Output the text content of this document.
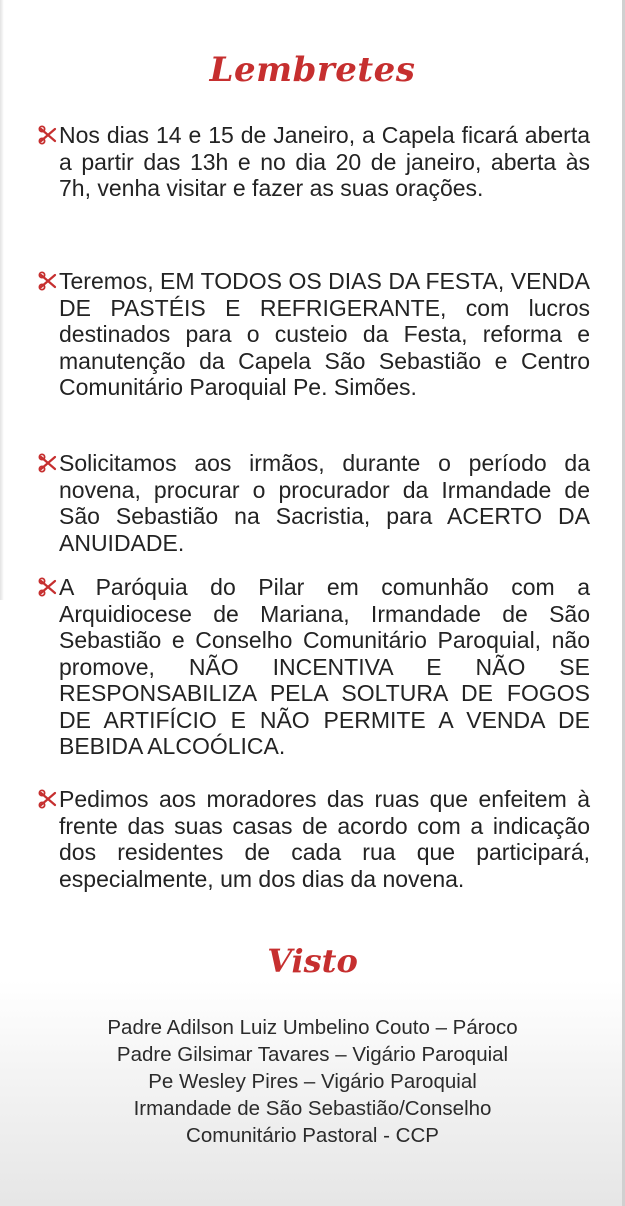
Lembretes
Nos dias 14 e 15 de Janeiro, a Capela ficará aberta a partir das 13h e no dia 20 de janeiro, aberta às 7h, venha visitar e fazer as suas orações.
Teremos, EM TODOS OS DIAS DA FESTA, VENDA DE PASTÉIS E REFRIGERANTE, com lucros destinados para o custeio da Festa, reforma e manutenção da Capela São Sebastião e Centro Comunitário Paroquial Pe. Simões.
Solicitamos aos irmãos, durante o período da novena, procurar o procurador da Irmandade de São Sebastião na Sacristia, para ACERTO DA ANUIDADE.
A Paróquia do Pilar em comunhão com a Arquidiocese de Mariana, Irmandade de São Sebastião e Conselho Comunitário Paroquial, não promove, NÃO INCENTIVA E NÃO SE RESPONSABILIZA PELA SOLTURA DE FOGOS DE ARTIFÍCIO E NÃO PERMITE A VENDA DE BEBIDA ALCOÓLICA.
Pedimos aos moradores das ruas que enfeitem à frente das suas casas de acordo com a indicação dos residentes de cada rua que participará, especialmente, um dos dias da novena.
Visto
Padre Adilson Luiz Umbelino Couto – Pároco
Padre Gilsimar Tavares – Vigário Paroquial
Pe Wesley Pires – Vigário Paroquial
Irmandade de São Sebastião/Conselho
Comunitário Pastoral - CCP
